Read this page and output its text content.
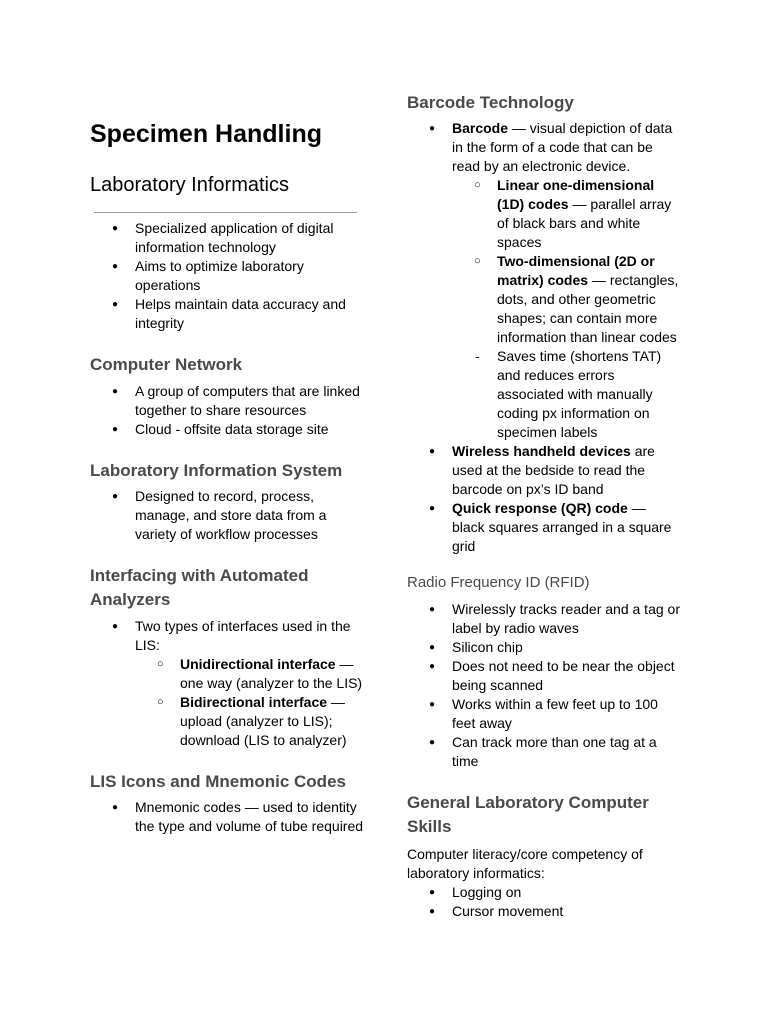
Specimen Handling
Laboratory Informatics
● Specialized application of digital information technology
● Aims to optimize laboratory operations
● Helps maintain data accuracy and integrity
Computer Network
● A group of computers that are linked together to share resources
● Cloud - offsite data storage site
Laboratory Information System
● Designed to record, process, manage, and store data from a variety of workflow processes
Interfacing with Automated Analyzers
● Two types of interfaces used in the LIS:
○ Unidirectional interface — one way (analyzer to the LIS)
○ Bidirectional interface — upload (analyzer to LIS); download (LIS to analyzer)
LIS Icons and Mnemonic Codes
● Mnemonic codes — used to identity the type and volume of tube required
Barcode Technology
● Barcode — visual depiction of data in the form of a code that can be read by an electronic device.
○ Linear one-dimensional (1D) codes — parallel array of black bars and white spaces
○ Two-dimensional (2D or matrix) codes — rectangles, dots, and other geometric shapes; can contain more information than linear codes
- Saves time (shortens TAT) and reduces errors associated with manually coding px information on specimen labels
● Wireless handheld devices are used at the bedside to read the barcode on px’s ID band
● Quick response (QR) code — black squares arranged in a square grid
Radio Frequency ID (RFID)
● Wirelessly tracks reader and a tag or label by radio waves
● Silicon chip
● Does not need to be near the object being scanned
● Works within a few feet up to 100 feet away
● Can track more than one tag at a time
General Laboratory Computer Skills

Computer literacy/core competency of laboratory informatics:

● Logging on
● Cursor movement
